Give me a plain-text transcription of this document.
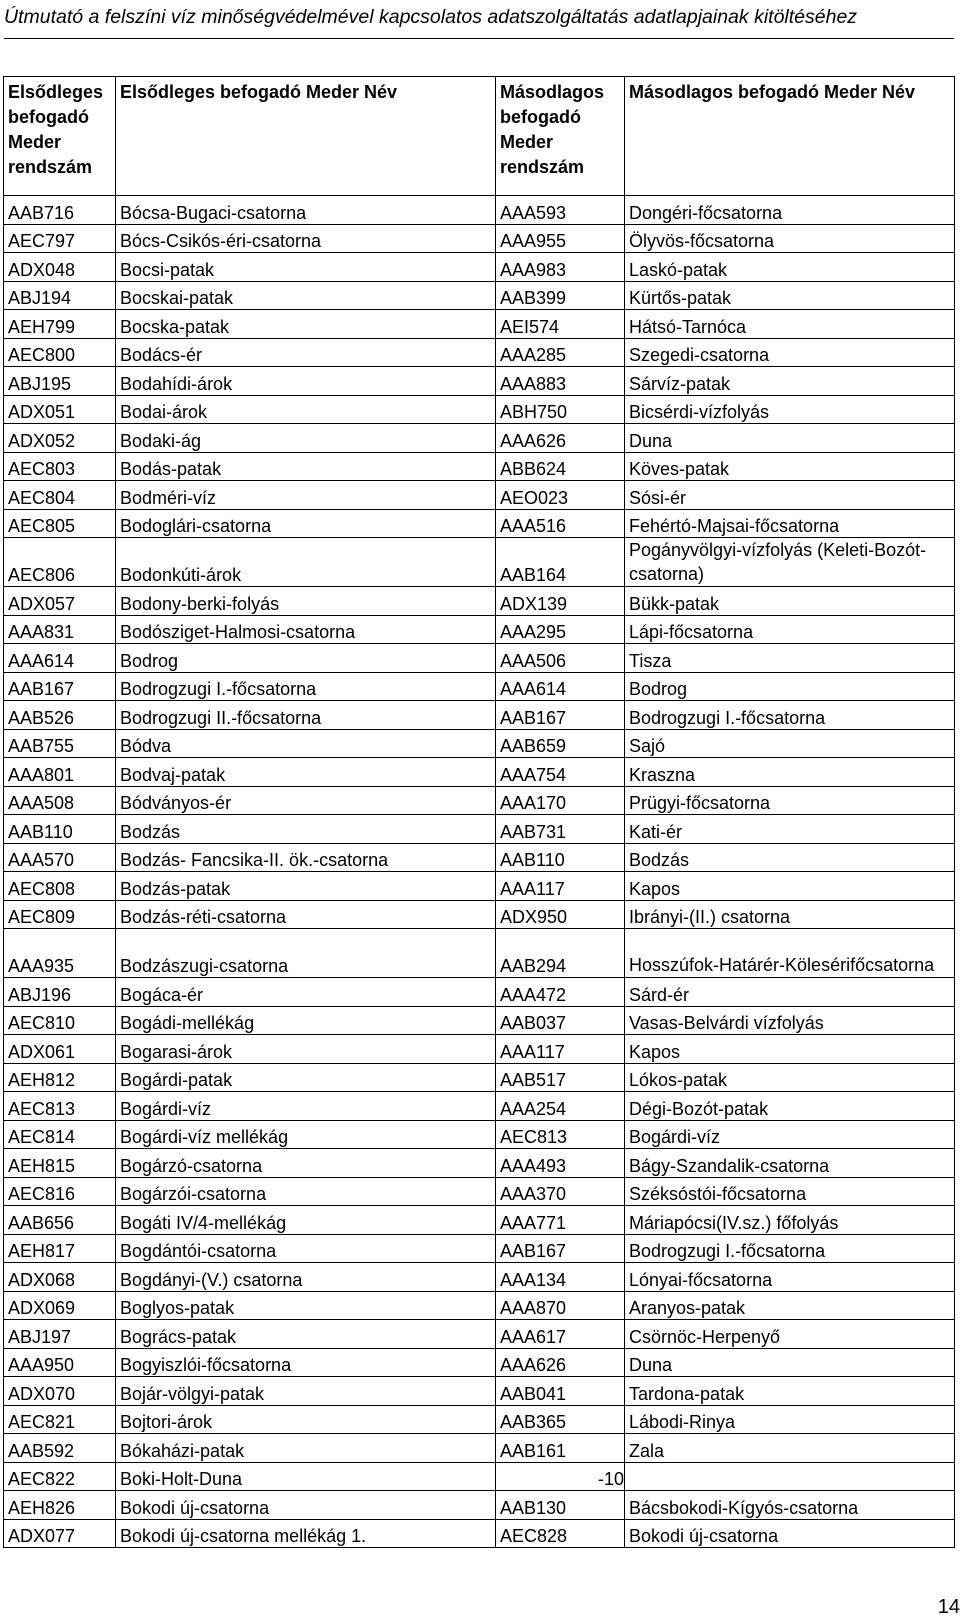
Útmutató a felszíni víz minőségvédelmével kapcsolatos adatszolgáltatás adatlapjainak kitöltéséhez
Elsődleges befogadó Meder rendszám	Elsődleges befogadó Meder Név	Másodlagos befogadó Meder rendszám	Másodlagos befogadó Meder Név
AAB716	Bócsa-Bugaci-csatorna	AAA593	Dongéri-főcsatorna
AEC797	Bócs-Csikós-éri-csatorna	AAA955	Ölyvös-főcsatorna
ADX048	Bocsi-patak	AAA983	Laskó-patak
ABJ194	Bocskai-patak	AAB399	Kürtős-patak
AEH799	Bocska-patak	AEI574	Hátsó-Tarnóca
AEC800	Bodács-ér	AAA285	Szegedi-csatorna
ABJ195	Bodahídi-árok	AAA883	Sárvíz-patak
ADX051	Bodai-árok	ABH750	Bicsérdi-vízfolyás
ADX052	Bodaki-ág	AAA626	Duna
AEC803	Bodás-patak	ABB624	Köves-patak
AEC804	Bodméri-víz	AEO023	Sósi-ér
AEC805	Bodoglári-csatorna	AAA516	Fehértó-Majsai-főcsatorna
AEC806	Bodonkúti-árok	AAB164	Pogányvölgyi-vízfolyás (Keleti-Bozót-csatorna)
ADX057	Bodony-berki-folyás	ADX139	Bükk-patak
AAA831	Bodósziget-Halmosi-csatorna	AAA295	Lápi-főcsatorna
AAA614	Bodrog	AAA506	Tisza
AAB167	Bodrogzugi I.-főcsatorna	AAA614	Bodrog
AAB526	Bodrogzugi II.-főcsatorna	AAB167	Bodrogzugi I.-főcsatorna
AAB755	Bódva	AAB659	Sajó
AAA801	Bodvaj-patak	AAA754	Kraszna
AAA508	Bódványos-ér	AAA170	Prügyi-főcsatorna
AAB110	Bodzás	AAB731	Kati-ér
AAA570	Bodzás- Fancsika-II. ök.-csatorna	AAB110	Bodzás
AEC808	Bodzás-patak	AAA117	Kapos
AEC809	Bodzás-réti-csatorna	ADX950	Ibrányi-(II.) csatorna
AAA935	Bodzászugi-csatorna	AAB294	Hosszúfok-Határér-Kölesérifőcsatorna
ABJ196	Bogáca-ér	AAA472	Sárd-ér
AEC810	Bogádi-mellékág	AAB037	Vasas-Belvárdi vízfolyás
ADX061	Bogarasi-árok	AAA117	Kapos
AEH812	Bogárdi-patak	AAB517	Lókos-patak
AEC813	Bogárdi-víz	AAA254	Dégi-Bozót-patak
AEC814	Bogárdi-víz mellékág	AEC813	Bogárdi-víz
AEH815	Bogárzó-csatorna	AAA493	Bágy-Szandalik-csatorna
AEC816	Bogárzói-csatorna	AAA370	Széksóstói-főcsatorna
AAB656	Bogáti IV/4-mellékág	AAA771	Máriapócsi(IV.sz.) főfolyás
AEH817	Bogdántói-csatorna	AAB167	Bodrogzugi I.-főcsatorna
ADX068	Bogdányi-(V.) csatorna	AAA134	Lónyai-főcsatorna
ADX069	Boglyos-patak	AAA870	Aranyos-patak
ABJ197	Bogrács-patak	AAA617	Csörnöc-Herpenyő
AAA950	Bogyiszlói-főcsatorna	AAA626	Duna
ADX070	Bojár-völgyi-patak	AAB041	Tardona-patak
AEC821	Bojtori-árok	AAB365	Lábodi-Rinya
AAB592	Bókaházi-patak	AAB161	Zala
AEC822	Boki-Holt-Duna	-10	
AEH826	Bokodi új-csatorna	AAB130	Bácsbokodi-Kígyós-csatorna
ADX077	Bokodi új-csatorna mellékág 1.	AEC828	Bokodi új-csatorna
14
